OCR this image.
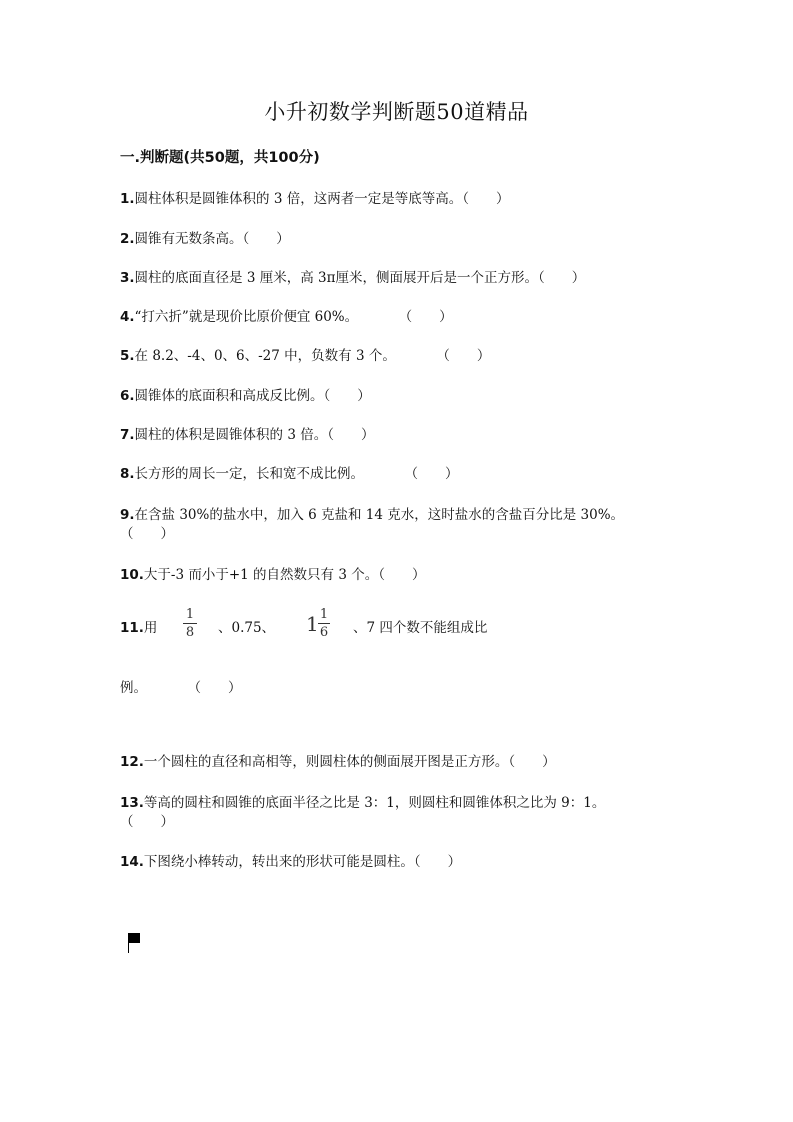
小升初数学判断题50道精品
一.判断题(共50题，共100分)
1.圆柱体积是圆锥体积的 3 倍，这两者一定是等底等高。（　　）
2.圆锥有无数条高。（　　）
3.圆柱的底面直径是 3 厘米，高 3π厘米，侧面展开后是一个正方形。（　　）
4.“打六折”就是现价比原价便宜 60%。　　　　（　　）
5.在 8.2、-4、0、6、-27 中，负数有 3 个。　　　　（　　）
6.圆锥体的底面积和高成反比例。（　　）
7.圆柱的体积是圆锥体积的 3 倍。（　　）
8.长方形的周长一定，长和宽不成比例。　　　　（　　）
9.在含盐 30%的盐水中，加入 6 克盐和 14 克水，这时盐水的含盐百分比是 30%。
（　　）
10.大于-3 而小于+1 的自然数只有 3 个。（　　）
11.用
1
8 、0.75、 1 1
6 、7 四个数不能组成比
例。　　　　（　　）
12.一个圆柱的直径和高相等，则圆柱体的侧面展开图是正方形。（　　）
13.等高的圆柱和圆锥的底面半径之比是 3：1，则圆柱和圆锥体积之比为 9：1。
（　　）
14.下图绕小棒转动，转出来的形状可能是圆柱。（　　）
